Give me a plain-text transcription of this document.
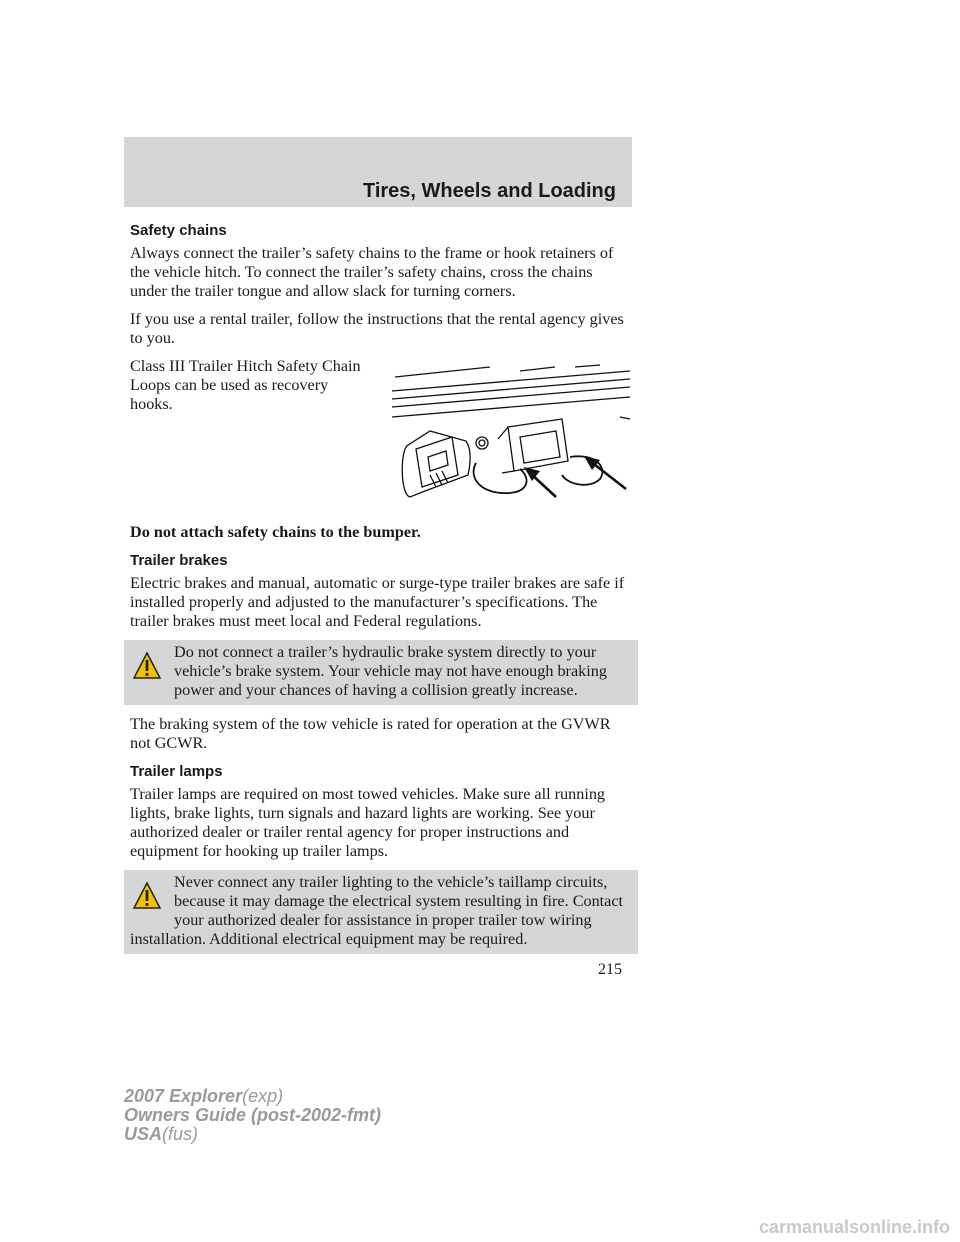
Tires, Wheels and Loading
Safety chains

Always connect the trailer’s safety chains to the frame or hook retainers of the vehicle hitch. To connect the trailer’s safety chains, cross the chains under the trailer tongue and allow slack for turning corners.

If you use a rental trailer, follow the instructions that the rental agency gives to you.

Class III Trailer Hitch Safety Chain Loops can be used as recovery hooks.

Do not attach safety chains to the bumper.

Trailer brakes

Electric brakes and manual, automatic or surge-type trailer brakes are safe if installed properly and adjusted to the manufacturer’s specifications. The trailer brakes must meet local and Federal regulations.

Do not connect a trailer’s hydraulic brake system directly to your vehicle’s brake system. Your vehicle may not have enough braking power and your chances of having a collision greatly increase.

The braking system of the tow vehicle is rated for operation at the GVWR not GCWR.

Trailer lamps

Trailer lamps are required on most towed vehicles. Make sure all running lights, brake lights, turn signals and hazard lights are working. See your authorized dealer or trailer rental agency for proper instructions and equipment for hooking up trailer lamps.

Never connect any trailer lighting to the vehicle’s taillamp circuits, because it may damage the electrical system resulting in fire. Contact your authorized dealer for assistance in proper trailer tow wiring installation. Additional electrical equipment may be required.

215
2007 Explorer(exp)
Owners Guide (post-2002-fmt)
USA(fus)
carmanualsonline.info
